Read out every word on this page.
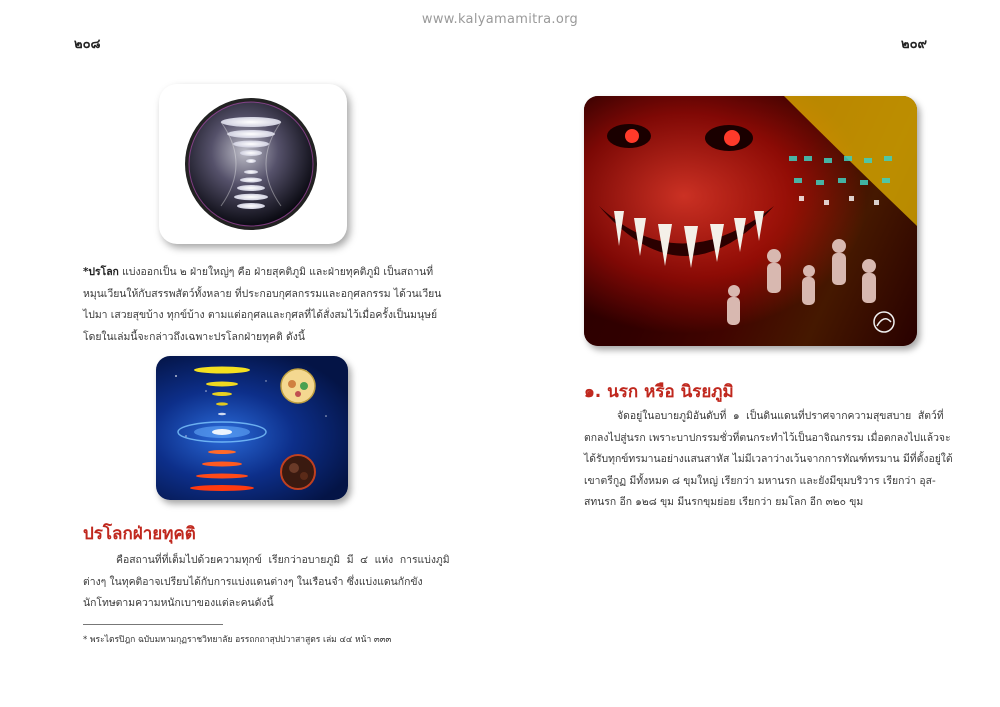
www.kalyamamitra.org
๒๐๘	๒๐๙
*ปรโลก แบ่งออกเป็น ๒ ฝ่ายใหญ่ๆ คือ ฝ่ายสุคติภูมิ และฝ่ายทุคติภูมิ เป็นสถานที่
หมุนเวียนให้กับสรรพสัตว์ทั้งหลาย ที่ประกอบกุศลกรรมและอกุศลกรรม ได้วนเวียน
ไปมา เสวยสุขบ้าง ทุกข์บ้าง ตามแต่อกุศลและกุศลที่ได้สั่งสมไว้เมื่อครั้งเป็นมนุษย์
โดยในเล่มนี้จะกล่าวถึงเฉพาะปรโลกฝ่ายทุคติ ดังนี้
ปรโลกฝ่ายทุคติ
คือสถานที่ที่เต็มไปด้วยความทุกข์  เรียกว่าอบายภูมิ  มี  ๔  แห่ง  การแบ่งภูมิ
ต่างๆ ในทุคติอาจเปรียบได้กับการแบ่งแดนต่างๆ ในเรือนจำ ซึ่งแบ่งแดนกักขัง
นักโทษตามความหนักเบาของแต่ละคนดังนี้
* พระไตรปิฎก ฉบับมหามกุฏราชวิทยาลัย อรรถกถาสุปปวาสาสูตร เล่ม ๔๔ หน้า ๓๓๓
๑. นรก หรือ นิรยภูมิ
จัดอยู่ในอบายภูมิอันดับที่  ๑  เป็นดินแดนที่ปราศจากความสุขสบาย  สัตว์ที่
ตกลงไปสู่นรก เพราะบาปกรรมชั่วที่ตนกระทำไว้เป็นอาจิณกรรม เมื่อตกลงไปแล้วจะ
ได้รับทุกข์ทรมานอย่างแสนสาหัส ไม่มีเวลาว่างเว้นจากการทัณฑ์ทรมาน มีที่ตั้งอยู่ใต้
เขาตรีกูฏ มีทั้งหมด ๘ ขุมใหญ่ เรียกว่า มหานรก และยังมีขุมบริวาร เรียกว่า อุส-
สทนรก อีก ๑๒๘ ขุม มีนรกขุมย่อย เรียกว่า ยมโลก อีก ๓๒๐ ขุม
